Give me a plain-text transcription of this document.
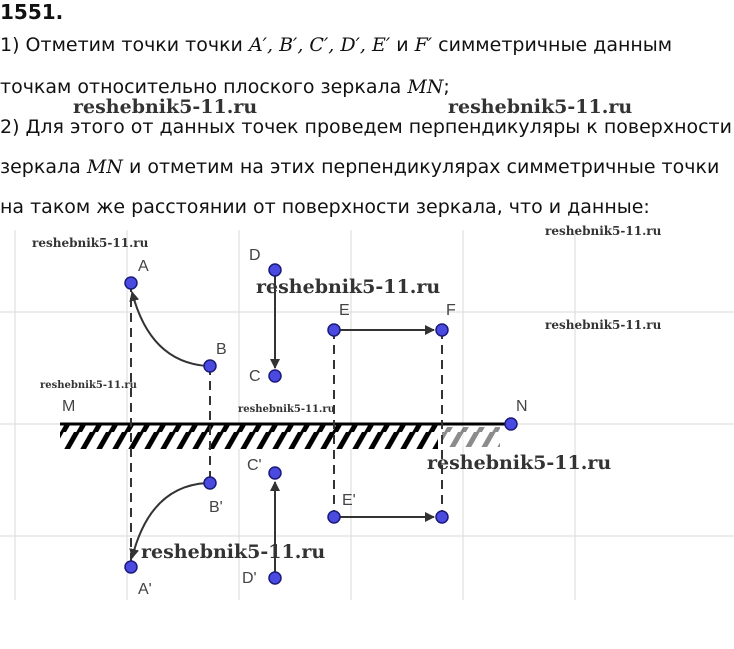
1551.
1) Отметим точки точки A′, B′, C′, D′, E′ и F′ симметричные данным
точкам относительно плоского зеркала MN;
2) Для этого от данных точек проведем перпендикуляры к поверхности
зеркала MN и отметим на этих перпендикулярах симметричные точки
на таком же расстоянии от поверхности зеркала, что и данные:
A
B
C
D
E	F
M	N
A'
B'
C'
D'
E'
reshebnik5-11.ru	reshebnik5-11.ru
reshebnik5-11.ru
reshebnik5-11.ru
reshebnik5-11.ru
reshebnik5-11.ru
reshebnik5-11.ru
reshebnik5-11.ru
reshebnik5-11.ru
reshebnik5-11.ru
